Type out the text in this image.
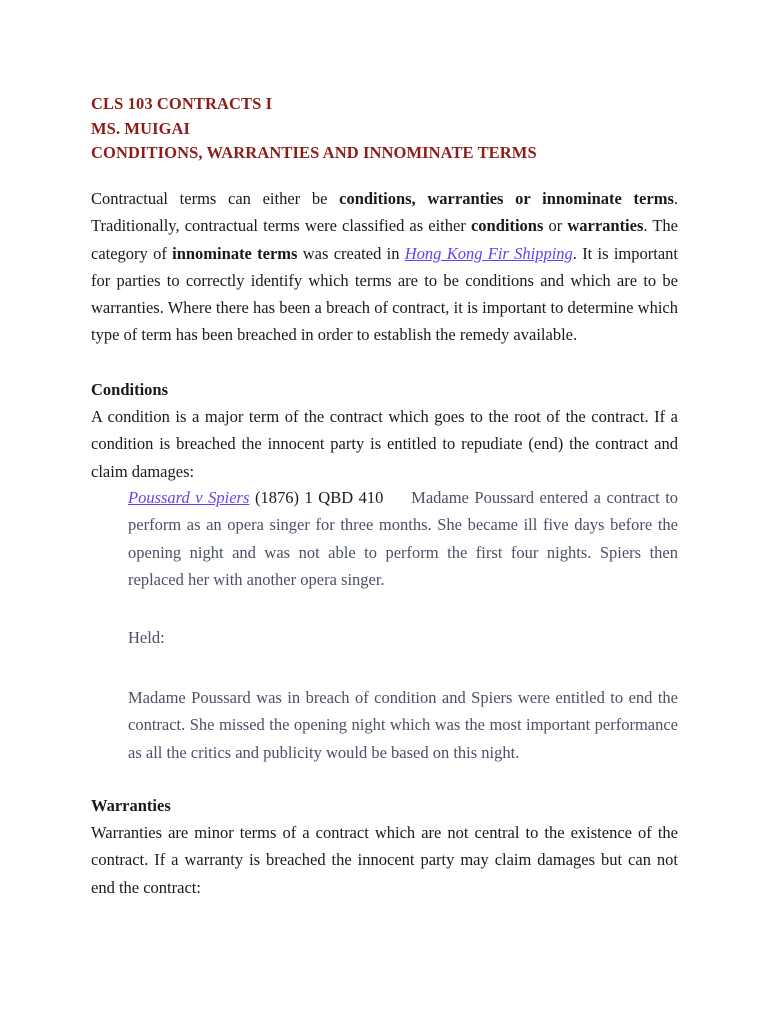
CLS 103 CONTRACTS I
MS. MUIGAI
CONDITIONS, WARRANTIES AND INNOMINATE TERMS

Contractual terms can either be conditions, warranties or innominate terms. Traditionally, contractual terms were classified as either conditions or warranties. The category of innominate terms was created in Hong Kong Fir Shipping. It is important for parties to correctly identify which terms are to be conditions and which are to be warranties. Where there has been a breach of contract, it is important to determine which type of term has been breached in order to establish the remedy available.

Conditions

A condition is a major term of the contract which goes to the root of the contract. If a condition is breached the innocent party is entitled to repudiate (end) the contract and claim damages:

Poussard v Spiers (1876) 1 QBD 410 Madame Poussard entered a contract to perform as an opera singer for three months. She became ill five days before the opening night and was not able to perform the first four nights. Spiers then replaced her with another opera singer.

Held:

Madame Poussard was in breach of condition and Spiers were entitled to end the contract. She missed the opening night which was the most important performance as all the critics and publicity would be based on this night.

Warranties

Warranties are minor terms of a contract which are not central to the existence of the contract. If a warranty is breached the innocent party may claim damages but can not end the contract:
